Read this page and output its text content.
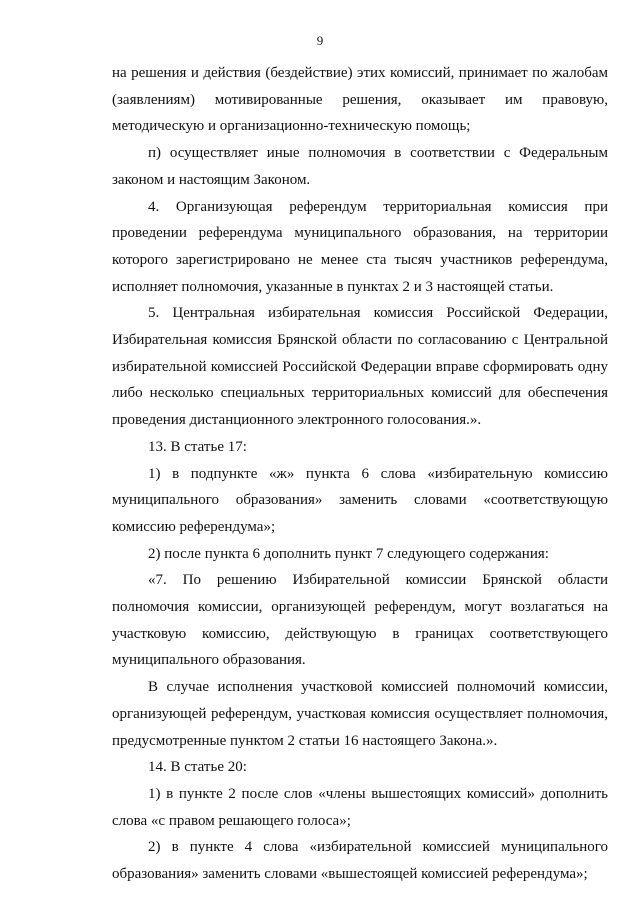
9

на решения и действия (бездействие) этих комиссий, принимает по жалобам (заявлениям) мотивированные решения, оказывает им правовую, методическую и организационно-техническую помощь;

п) осуществляет иные полномочия в соответствии с Федеральным законом и настоящим Законом.

4. Организующая референдум территориальная комиссия при проведении референдума муниципального образования, на территории которого зарегистрировано не менее ста тысяч участников референдума, исполняет полномочия, указанные в пунктах 2 и 3 настоящей статьи.

5. Центральная избирательная комиссия Российской Федерации, Избирательная комиссия Брянской области по согласованию с Центральной избирательной комиссией Российской Федерации вправе сформировать одну либо несколько специальных территориальных комиссий для обеспечения проведения дистанционного электронного голосования.».

13. В статье 17:

1) в подпункте «ж» пункта 6 слова «избирательную комиссию муниципального образования» заменить словами «соответствующую комиссию референдума»;

2) после пункта 6 дополнить пункт 7 следующего содержания:

«7. По решению Избирательной комиссии Брянской области полномочия комиссии, организующей референдум, могут возлагаться на участковую комиссию, действующую в границах соответствующего муниципального образования.

В случае исполнения участковой комиссией полномочий комиссии, организующей референдум, участковая комиссия осуществляет полномочия, предусмотренные пунктом 2 статьи 16 настоящего Закона.».

14. В статье 20:

1) в пункте 2 после слов «члены вышестоящих комиссий» дополнить слова «с правом решающего голоса»;

2) в пункте 4 слова «избирательной комиссией муниципального образования» заменить словами «вышестоящей комиссией референдума»;
